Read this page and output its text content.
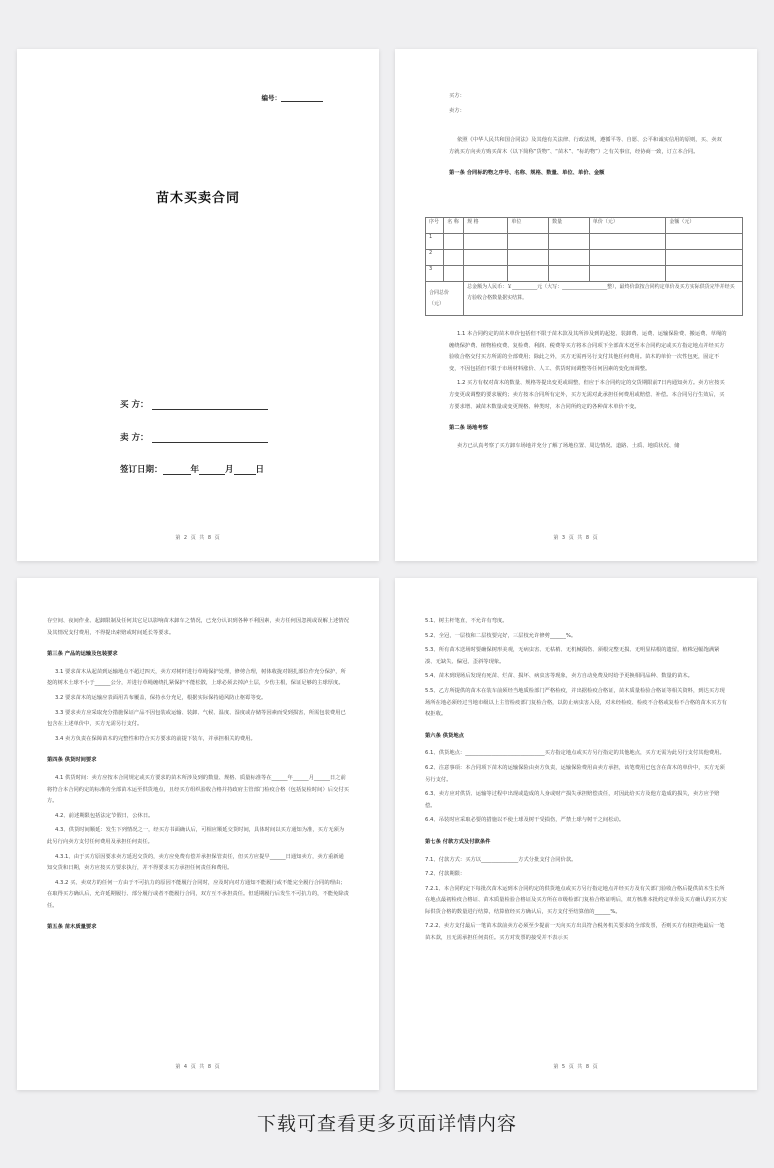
编号：
苗木买卖合同
买 方：
卖 方：
签订日期：	年	月	日
第 2 页 共 8 页

买方：

卖方：

依照《中华人民共和国合同法》及其他有关法律、行政法规，遵循平等、自愿、公平和诚实信用的原则，买、卖双方就买方向卖方购买苗木（以下简称“货物”、“苗木”、“标的物”）之有关事宜，经协商一致，订立本合同。

第一条 合同标的物之序号、名称、规格、数量、单位、单价、金额

序号	名 称	规 格	单位	数量	单价（元）	金额（元）
1						
2						
3						
合同总价（元）		总金额为人民币：￥__________元（大写：__________________整），最终价款按合同约定单价及买方实际供货完毕并经买方验收合格数量据实结算。				

1.1 本合同约定的苗木单价包括但不限于苗木款及其所涉及到的起挖、装卸费、运费、运输保险费、搬运费、草绳的缠绕保护费、植物检疫费、复检费、利润、税费等买方将本合同项下全部苗木送至本合同约定或买方指定地点并经买方验收合格交付买方所需的全部费用；除此之外，买方无需再另行支付其他任何费用。苗木的单价一次性包死，固定不变，不因包括但不限于市场材料涨价、人工、供货时间调整等任何因素的变化而调整。

1.2 买方有权对苗木的数量、规格等提出变更或调整，但应于本合同约定的交货期限前7日内通知卖方。卖方应按买方变更或调整的要求履约；卖方按本合同所有定外，买方无需对此承担任何费用或赔偿、补偿。本合同另行生效后，买方要求增、减苗木数量或变更规格、种类时，本合同所约定的各种苗木单价不变。

第二条 场地考察

卖方已认真考察了买方卸车场地并充分了解了场地位置、周边情况、道路、土质、地质状况、储

第 3 页 共 8 页

存空间、夜间作业、起卸限制及任何其它足以影响苗木卸车之情况，已充分认识到各种不利因素，卖方任何因忽视或误解上述情况及其情况支付费用，不得提出索赔或时间延长等要求。

第三条 产品的运输及包装要求

3.1 要求苗木从起苗到运输地点不超过四天，卖方对树杆进行草绳保护处理，修剪合理，树体收拢对钢扎部位作充分保护，所挖的树木土球不小于______公分，并进行草绳缠绕扎紧保护不能松散，上球必须去掉泸土层，少伤主根，保证足够的主球厚度。

3.2 要求苗木的运输应表面用苫布覆盖，保持水分充足，根据实际保持通风防止枢霉等变。

3.3 要求卖方应采取充分措施保证产品不因包装或运输、装卸、气候、温度、湿度或存储等因素而受到损害，所需包装费用已包含在上述单价中，买方无需另行支付。

3.4 卖方负责在保障苗木的完整性和符合买方要求的前提下装车，并承担相关的费用。

第四条 供货时间要求

4.1 供货时间：卖方应按本合同规定或买方要求的苗木所涉及到的数量、规格、质量标准等在______年______月______日之前将符合本合同约定的标准的全部苗木运至供货地点，且经买方组织验收合格并持政府主管部门检疫合格（包括复检时间）后交付买方。

4.2、前述期限包括法定节假日，公休日。

4.3、供货时间顺延：发生下列情况之一，经买方书面确认后，可相应顺延交货时间，具体时间以买方通知为准，买方无须为此另行向卖方支付任何费用及承担任何责任。

4.3.1、由于买方原因要求卖方延迟交货的，卖方应免费有偿并承担保管责任，但买方应提早______日通知卖方，卖方重新通知交货和日期，卖方应按买方要求执行，并不得要求买方承担任何责任和费用。

4.3.2 买、卖双方的任何一方由于不可抗力的原因不能履行合同时，应及时向对方通知不能履行或不能完全履行合同的理由；在取得买方确认后，允许延期履行、部分履行或者不能履行合同，双方互不承担责任。但延期履行后发生不可抗力的，不能免除责任。

第五条 苗木质量要求

第 4 页 共 8 页

5.1、树主杆笔直，不允许有弯度。

5.2、全冠，一层枝和二层枝要完好，三层枝允许修剪______%。

5.3、所有苗木送场时要确保树形美观，无病虫害、无枯梢、无机械损伤、须根完整无损、无明显枯根的遗留，植株冠幅饱满紧凑、无缺失、偏冠、歪斜等现象。

5.4、苗木到现场后发现有死苗、烂苗、损坏、病虫害等现象，卖方自动免费及时给予更换相同品种、数量的苗木。

5.5、乙方所提供的苗木在装车前须经当地质检部门严格检疫，并出据检疫合格证，苗木质量检验合格证等相关资料，到达买方现场所在地必须经过当地市级以上主管检疫部门复检合格，以防止病虫害入侵，对未经检疫、检疫不合格或复检不合格的苗木买方有权拒收。

第六条 供货地点

6.1、供货地点：______________________________买方指定地点或买方另行指定的其他地点，买方无需为此另行支付其他费用。

6.2、注意事项：本合同项下苗木的运输保险由卖方负责，运输保险费用由卖方承担，该笔费用已包含在苗木的单价中，买方无须另行支付。

6.3、卖方应对供货、运输等过程中出现或造成的人身或财产损失承担赔偿责任，对因此给买方及他方造成的损失，卖方应予赔偿。

6.4、吊装时应采取必要的措施以不使土球及树干受损伤，严禁土球与树干之间松动。

第七条 付款方式及付款条件

7.1、付款方式：买方以______________方式分批支付合同价款。

7.2、付款期限：

7.2.1、本合同约定下每批次苗木运到本合同约定的供货地点或买方另行指定地点并经买方及有关部门验收合格后提供苗木生长所在地点最初检疫合格证、苗木质量检验合格证及买方所在市级检部门复检合格证明后，双方核准本批约定单价及买方确认的买方实际供货合格的数量进行结算，结算值经买方确认后，买方支付至结算值的______%。

7.2.2、卖方支付最后一笔苗木款前卖方必须至少提前一天向买方出具符合税务机关要求的全部发票，否则买方有权拒绝最后一笔苗木款，且无需承担任何责任。买方对发票的接受并不表示买

第 5 页 共 8 页
下载可查看更多页面详情内容
